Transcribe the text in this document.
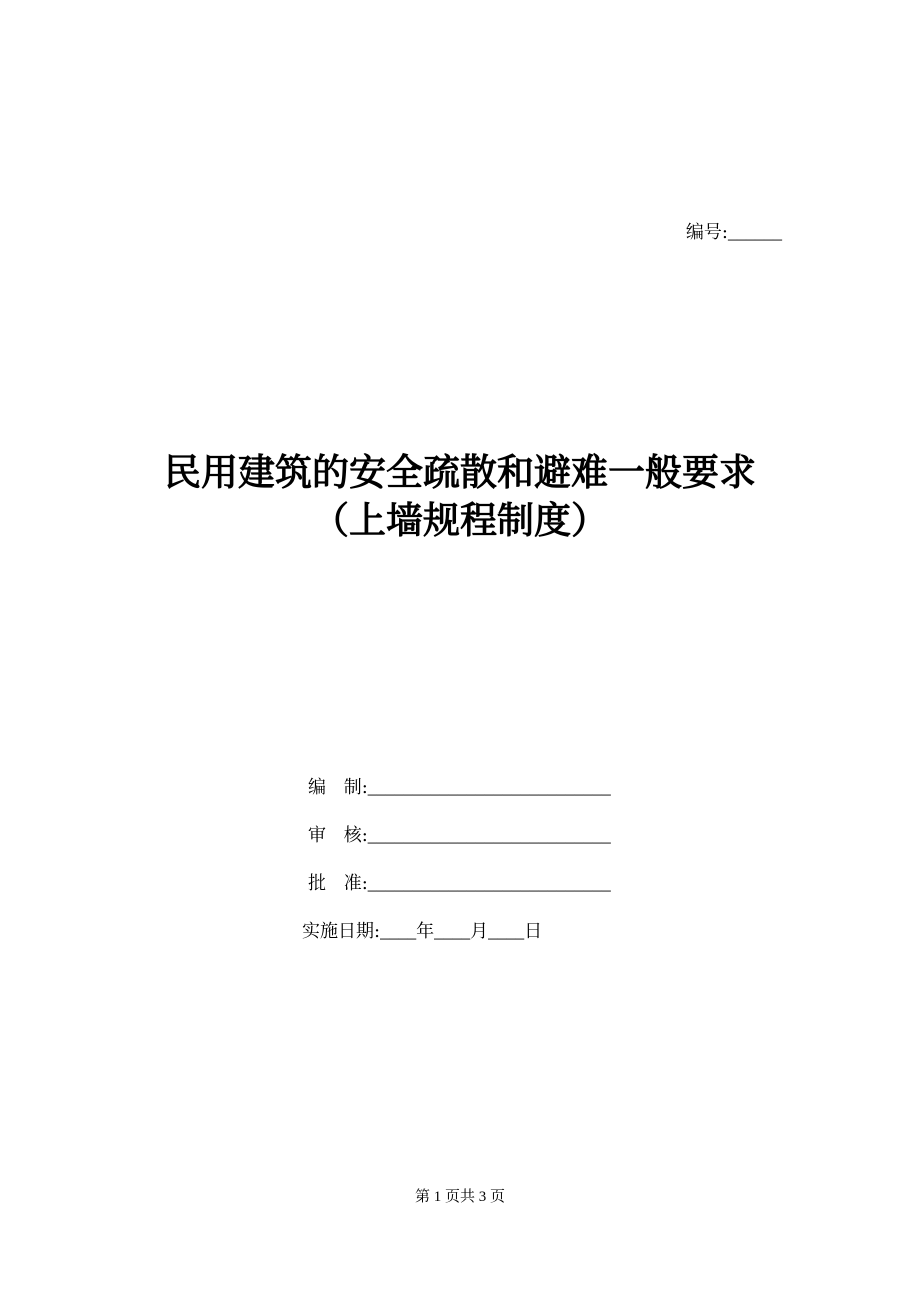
编号:______
民用建筑的安全疏散和避难一般要求
（上墙规程制度）
编 制:___________________________
审 核:___________________________
批 准:___________________________
实施日期:____年____月____日
第 1 页共 3 页
